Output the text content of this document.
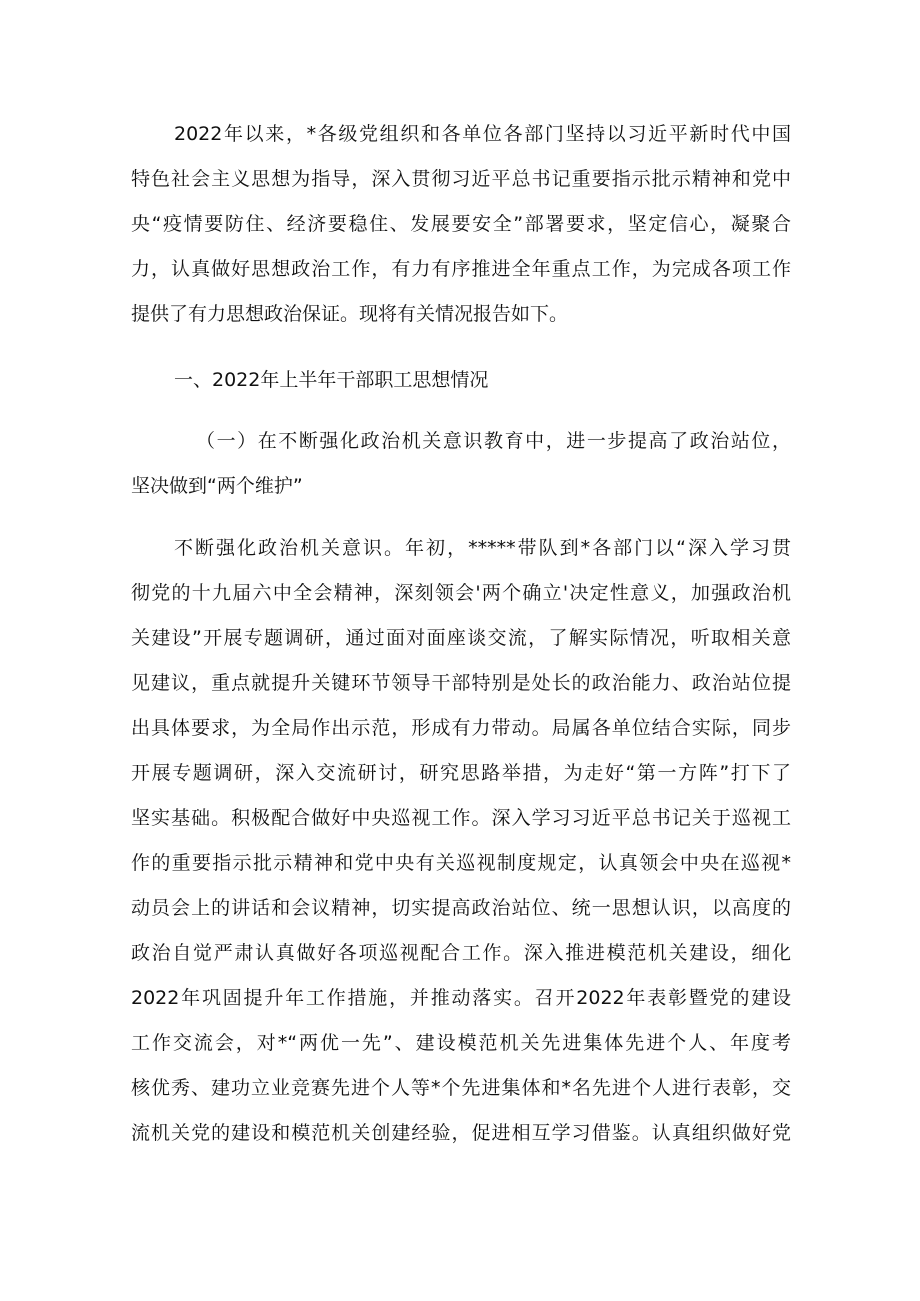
2022年以来，*各级党组织和各单位各部门坚持以习近平新时代中国
特色社会主义思想为指导，深入贯彻习近平总书记重要指示批示精神和党中
央“疫情要防住、经济要稳住、发展要安全”部署要求，坚定信心，凝聚合
力，认真做好思想政治工作，有力有序推进全年重点工作，为完成各项工作
提供了有力思想政治保证。现将有关情况报告如下。
一、2022年上半年干部职工思想情况
（一）在不断强化政治机关意识教育中，进一步提高了政治站位，
坚决做到“两个维护”
不断强化政治机关意识。年初，*****带队到*各部门以“深入学习贯
彻党的十九届六中全会精神，深刻领会'两个确立'决定性意义，加强政治机
关建设”开展专题调研，通过面对面座谈交流，了解实际情况，听取相关意
见建议，重点就提升关键环节领导干部特别是处长的政治能力、政治站位提
出具体要求，为全局作出示范，形成有力带动。局属各单位结合实际，同步
开展专题调研，深入交流研讨，研究思路举措，为走好“第一方阵”打下了
坚实基础。积极配合做好中央巡视工作。深入学习习近平总书记关于巡视工
作的重要指示批示精神和党中央有关巡视制度规定，认真领会中央在巡视*
动员会上的讲话和会议精神，切实提高政治站位、统一思想认识，以高度的
政治自觉严肃认真做好各项巡视配合工作。深入推进模范机关建设，细化
2022年巩固提升年工作措施，并推动落实。召开2022年表彰暨党的建设
工作交流会，对*“两优一先”、建设模范机关先进集体先进个人、年度考
核优秀、建功立业竞赛先进个人等*个先进集体和*名先进个人进行表彰，交
流机关党的建设和模范机关创建经验，促进相互学习借鉴。认真组织做好党
